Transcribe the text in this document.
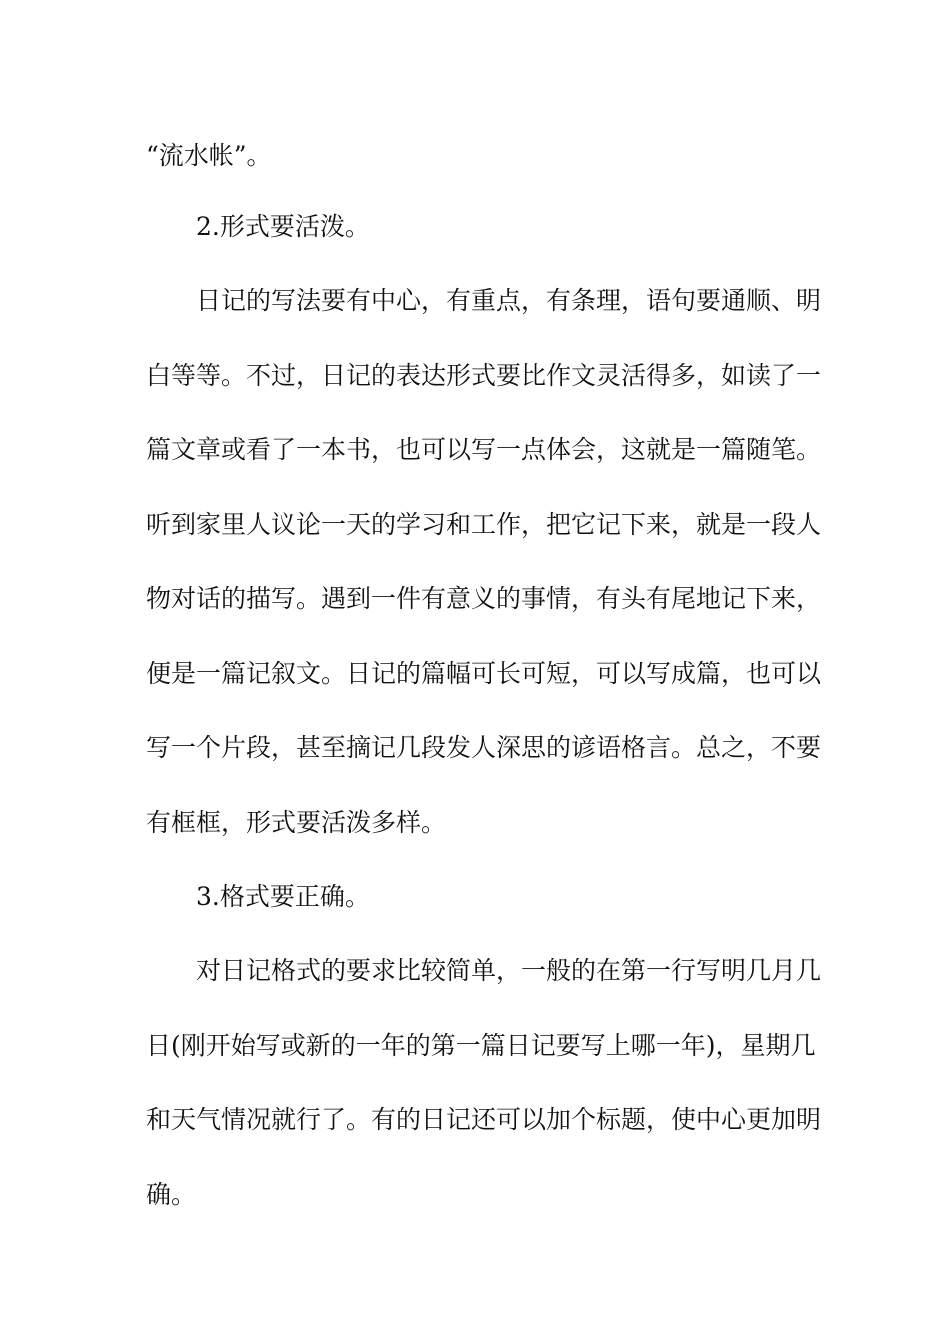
“流水帐”。

2.形式要活泼。

日记的写法要有中心，有重点，有条理，语句要通顺、明

白等等。不过，日记的表达形式要比作文灵活得多，如读了一

篇文章或看了一本书，也可以写一点体会，这就是一篇随笔。

听到家里人议论一天的学习和工作，把它记下来，就是一段人

物对话的描写。遇到一件有意义的事情，有头有尾地记下来，

便是一篇记叙文。日记的篇幅可长可短，可以写成篇，也可以

写一个片段，甚至摘记几段发人深思的谚语格言。总之，不要

有框框，形式要活泼多样。

3.格式要正确。

对日记格式的要求比较简单，一般的在第一行写明几月几

日(刚开始写或新的一年的第一篇日记要写上哪一年)，星期几

和天气情况就行了。有的日记还可以加个标题，使中心更加明

确。
